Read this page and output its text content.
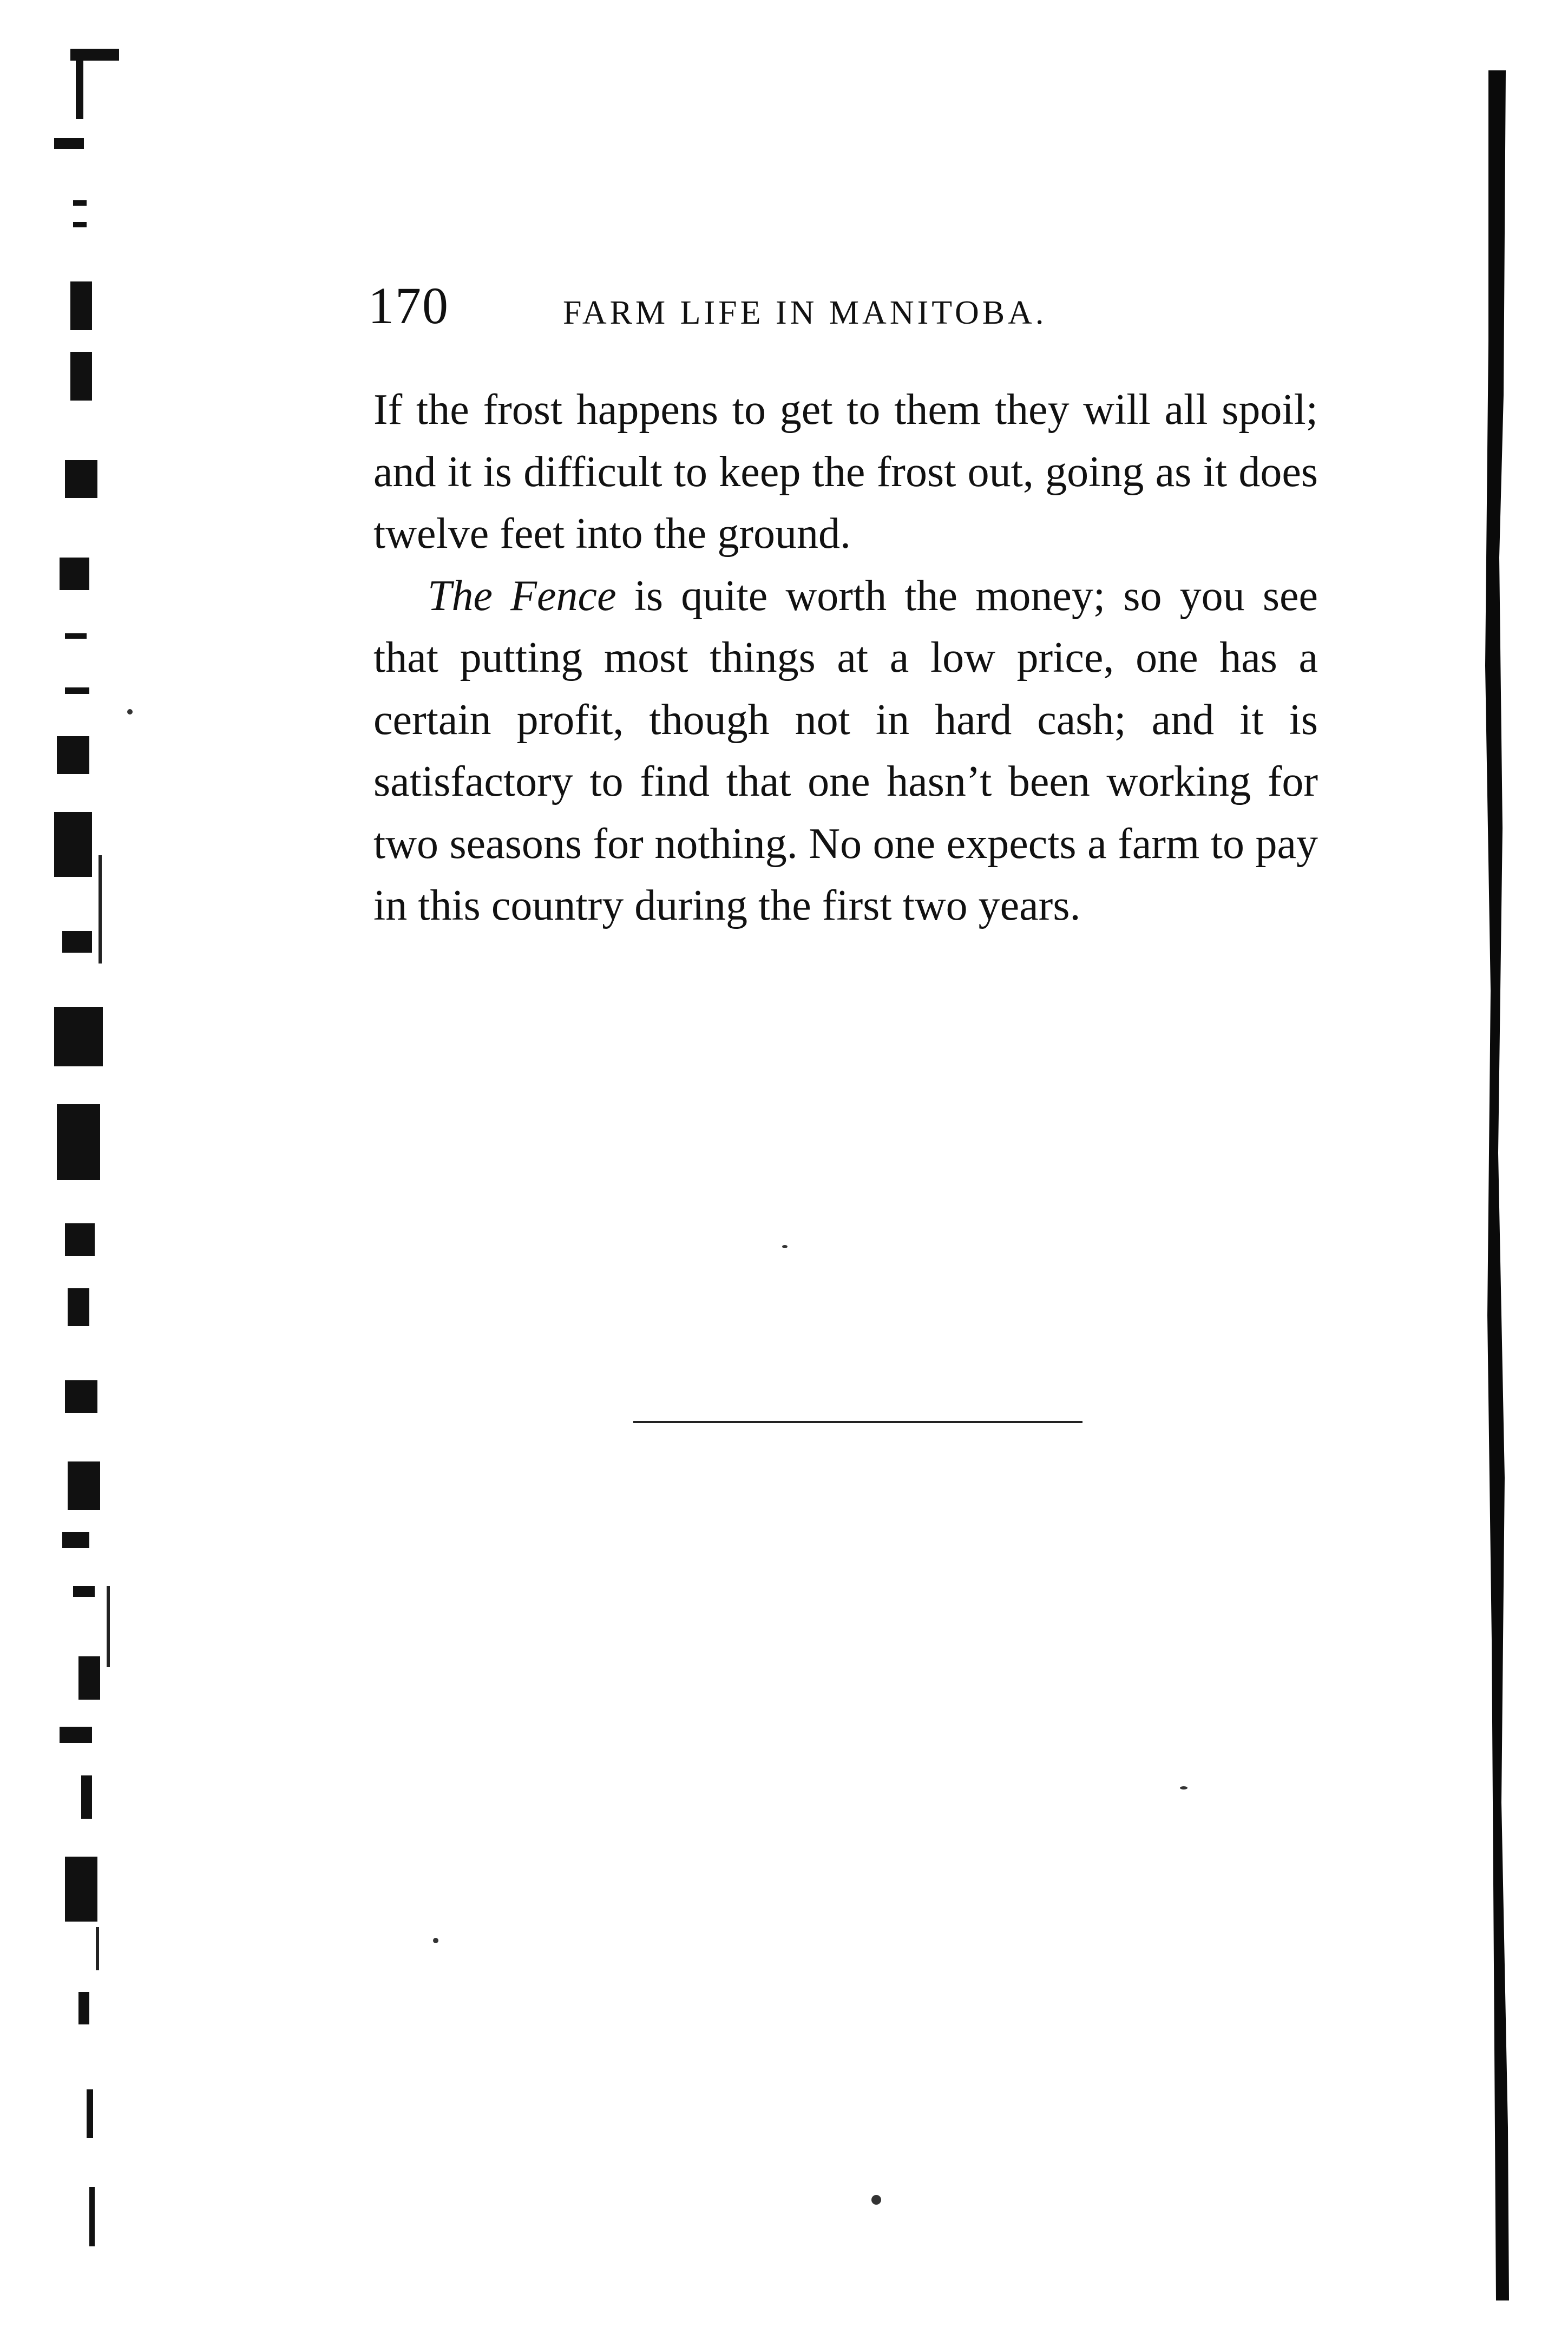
170	FARM LIFE IN MANITOBA.

If the frost happens to get to them they will all spoil; and it is difficult to keep the frost out, going as it does twelve feet into the ground.

The Fence is quite worth the money; so you see that putting most things at a low price, one has a certain profit, though not in hard cash; and it is satisfactory to find that one hasn’t been working for two seasons for nothing. No one expects a farm to pay in this country during the first two years.
